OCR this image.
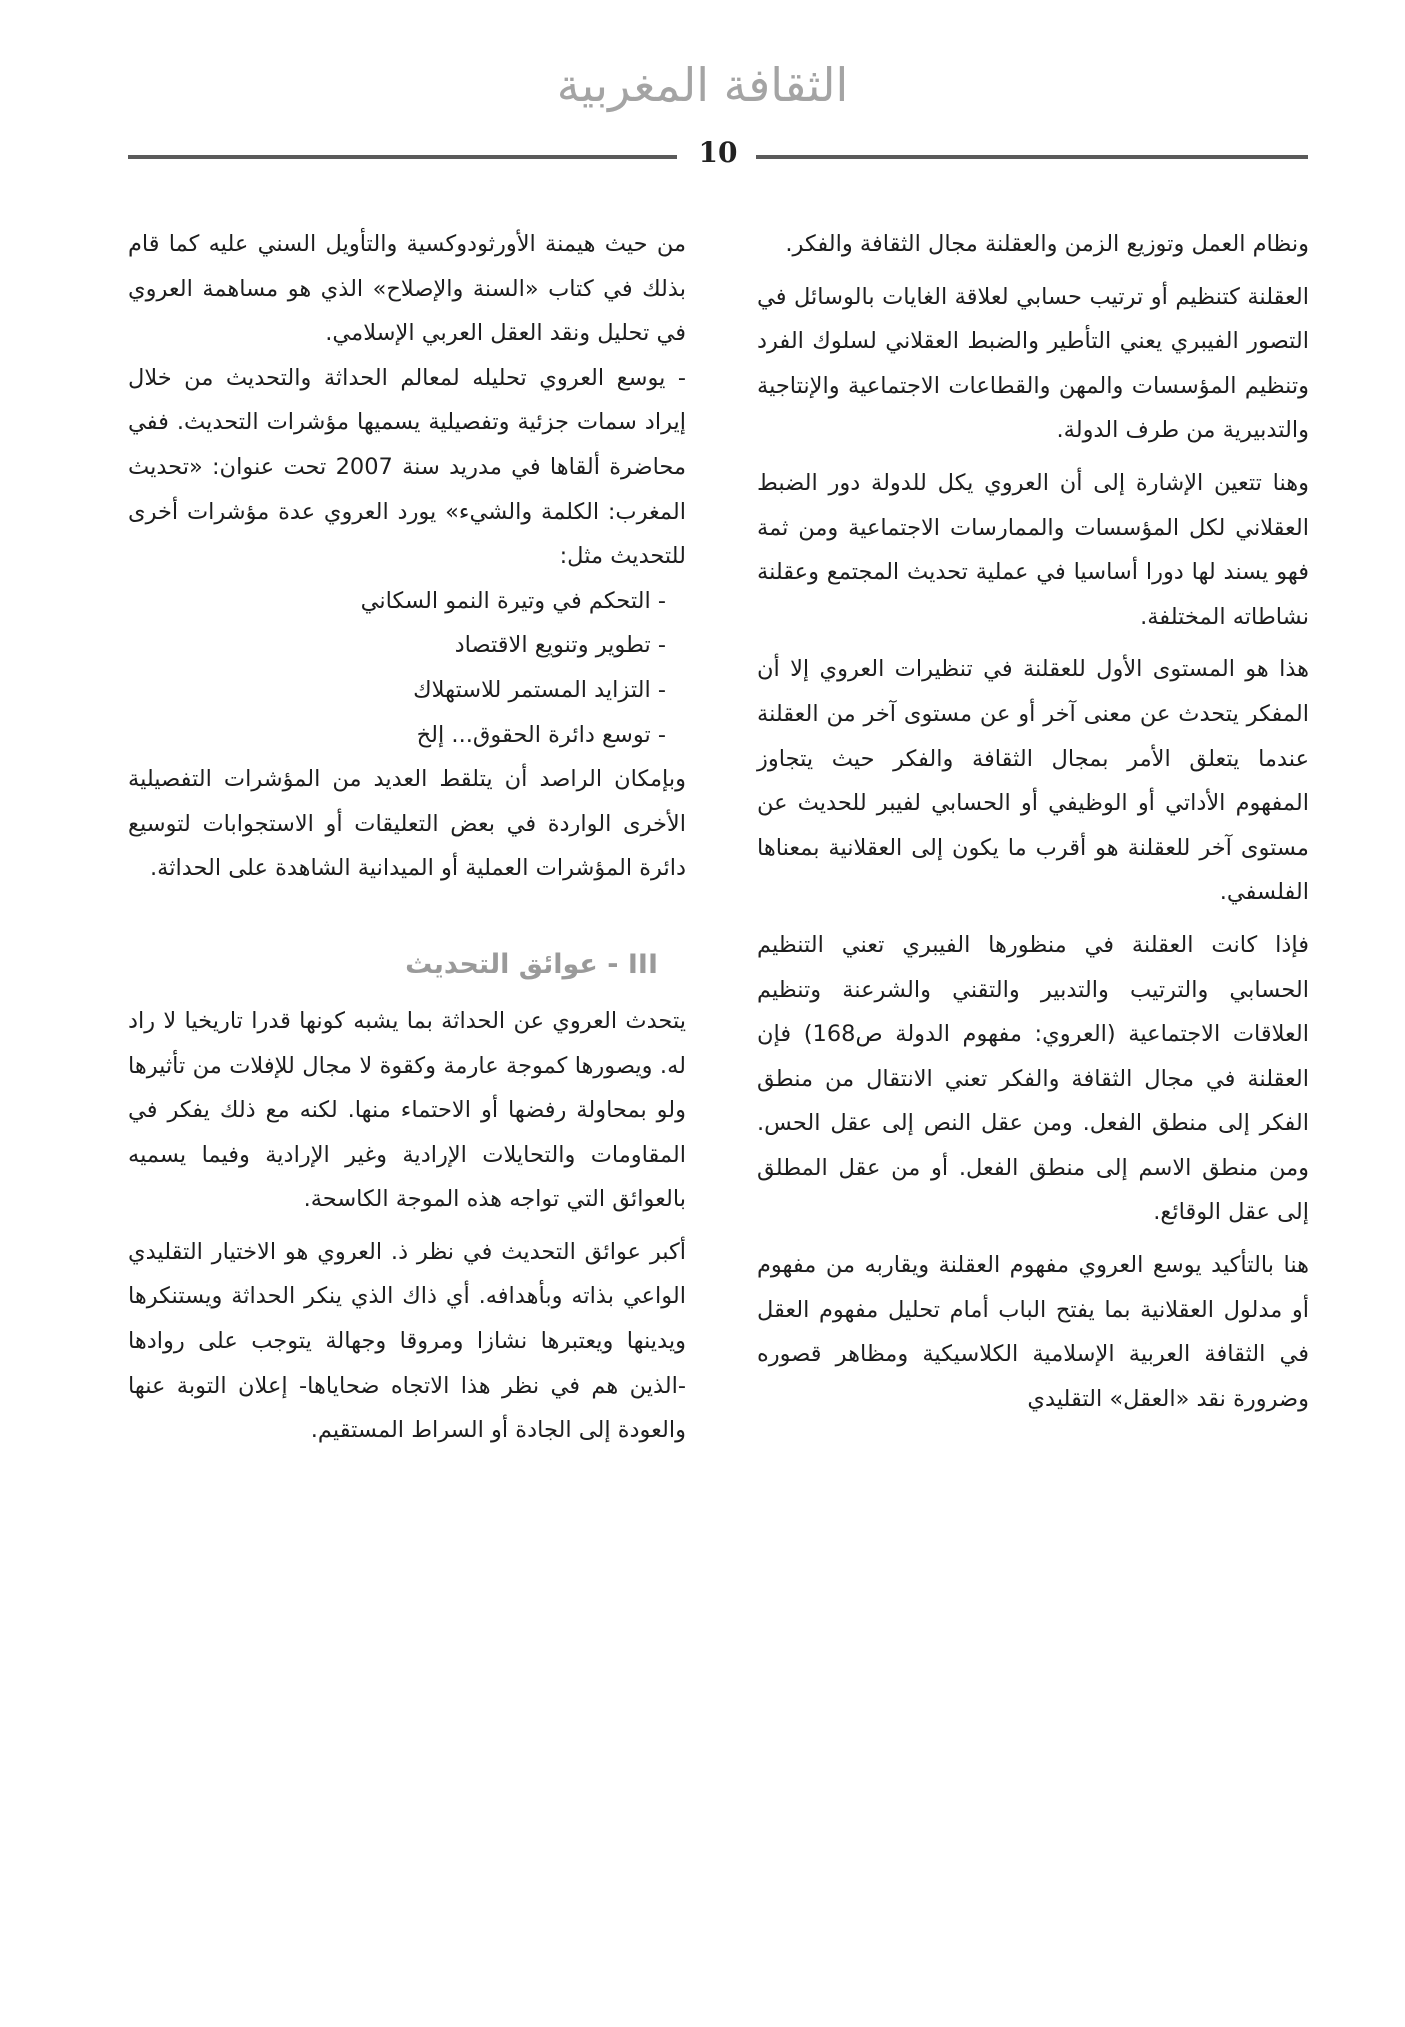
الثقافة المغربية
10

ونظام العمل وتوزيع الزمن والعقلنة مجال الثقافة والفكر.

العقلنة كتنظيم أو ترتيب حسابي لعلاقة الغايات بالوسائل في التصور الفيبري يعني التأطير والضبط العقلاني لسلوك الفرد وتنظيم المؤسسات والمهن والقطاعات الاجتماعية والإنتاجية والتدبيرية من طرف الدولة.

وهنا تتعين الإشارة إلى أن العروي يكل للدولة دور الضبط العقلاني لكل المؤسسات والممارسات الاجتماعية ومن ثمة فهو يسند لها دورا أساسيا في عملية تحديث المجتمع وعقلنة نشاطاته المختلفة.

هذا هو المستوى الأول للعقلنة في تنظيرات العروي إلا أن المفكر يتحدث عن معنى آخر أو عن مستوى آخر من العقلنة عندما يتعلق الأمر بمجال الثقافة والفكر حيث يتجاوز المفهوم الأداتي أو الوظيفي أو الحسابي لفيبر للحديث عن مستوى آخر للعقلنة هو أقرب ما يكون إلى العقلانية بمعناها الفلسفي.

فإذا كانت العقلنة في منظورها الفيبري تعني التنظيم الحسابي والترتيب والتدبير والتقني والشرعنة وتنظيم العلاقات الاجتماعية (العروي: مفهوم الدولة ص168) فإن العقلنة في مجال الثقافة والفكر تعني الانتقال من منطق الفكر إلى منطق الفعل. ومن عقل النص إلى عقل الحس. ومن منطق الاسم إلى منطق الفعل. أو من عقل المطلق إلى عقل الوقائع.

هنا بالتأكيد يوسع العروي مفهوم العقلنة ويقاربه من مفهوم أو مدلول العقلانية بما يفتح الباب أمام تحليل مفهوم العقل في الثقافة العربية الإسلامية الكلاسيكية ومظاهر قصوره وضرورة نقد «العقل» التقليدي

من حيث هيمنة الأورثودوكسية والتأويل السني عليه كما قام بذلك في كتاب «السنة والإصلاح» الذي هو مساهمة العروي في تحليل ونقد العقل العربي الإسلامي.

- يوسع العروي تحليله لمعالم الحداثة والتحديث من خلال إيراد سمات جزئية وتفصيلية يسميها مؤشرات التحديث. ففي محاضرة ألقاها في مدريد سنة 2007 تحت عنوان: «تحديث المغرب: الكلمة والشيء» يورد العروي عدة مؤشرات أخرى للتحديث مثل:

- التحكم في وتيرة النمو السكاني

- تطوير وتنويع الاقتصاد

- التزايد المستمر للاستهلاك

- توسع دائرة الحقوق... إلخ

وبإمكان الراصد أن يتلقط العديد من المؤشرات التفصيلية الأخرى الواردة في بعض التعليقات أو الاستجوابات لتوسيع دائرة المؤشرات العملية أو الميدانية الشاهدة على الحداثة.

III - عوائق التحديث

يتحدث العروي عن الحداثة بما يشبه كونها قدرا تاريخيا لا راد له. ويصورها كموجة عارمة وكقوة لا مجال للإفلات من تأثيرها ولو بمحاولة رفضها أو الاحتماء منها. لكنه مع ذلك يفكر في المقاومات والتحايلات الإرادية وغير الإرادية وفيما يسميه بالعوائق التي تواجه هذه الموجة الكاسحة.

أكبر عوائق التحديث في نظر ذ. العروي هو الاختيار التقليدي الواعي بذاته وبأهدافه. أي ذاك الذي ينكر الحداثة ويستنكرها ويدينها ويعتبرها نشازا ومروقا وجهالة يتوجب على روادها -الذين هم في نظر هذا الاتجاه ضحاياها- إعلان التوبة عنها والعودة إلى الجادة أو السراط المستقيم.
